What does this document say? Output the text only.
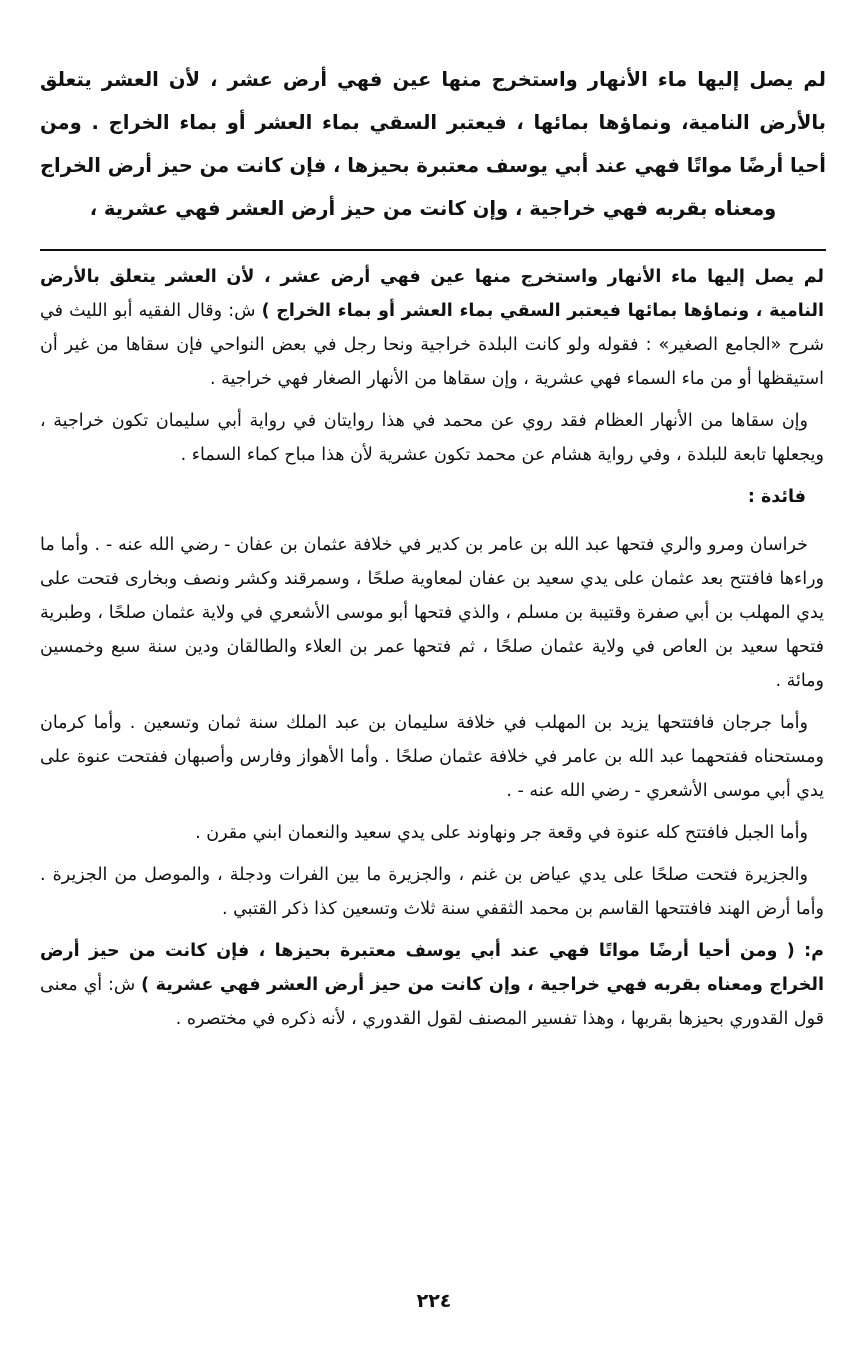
لم يصل إليها ماء الأنهار واستخرج منها عين فهي أرض عشر ، لأن العشر يتعلق بالأرض النامية، ونماؤها بمائها ، فيعتبر السقي بماء العشر أو بماء الخراج . ومن أحيا أرضًا مواتًا فهي عند أبي يوسف معتبرة بحيزها ، فإن كانت من حيز أرض الخراج ومعناه بقربه فهي خراجية ، وإن كانت من حيز أرض العشر فهي عشرية ،

لم يصل إليها ماء الأنهار واستخرج منها عين فهي أرض عشر ، لأن العشر يتعلق بالأرض النامية ، ونماؤها بمائها فيعتبر السقي بماء العشر أو بماء الخراج ) ش: وقال الفقيه أبو الليث في شرح «الجامع الصغير» : فقوله ولو كانت البلدة خراجية ونحا رجل في بعض النواحي فإن سقاها من غير أن استيقظها أو من ماء السماء فهي عشرية ، وإن سقاها من الأنهار الصغار فهي خراجية .

وإن سقاها من الأنهار العظام فقد روي عن محمد في هذا روايتان في رواية أبي سليمان تكون خراجية ، ويجعلها تابعة للبلدة ، وفي رواية هشام عن محمد تكون عشرية لأن هذا مباح كماء السماء .

فائدة :

خراسان ومرو والري فتحها عبد الله بن عامر بن كدير في خلافة عثمان بن عفان - رضي الله عنه - . وأما ما وراءها فافتتح بعد عثمان على يدي سعيد بن عفان لمعاوية صلحًا ، وسمرقند وكشر ونصف وبخارى فتحت على يدي المهلب بن أبي صفرة وقتيبة بن مسلم ، والذي فتحها أبو موسى الأشعري في ولاية عثمان صلحًا ، وطبرية فتحها سعيد بن العاص في ولاية عثمان صلحًا ، ثم فتحها عمر بن العلاء والطالقان ودين سنة سبع وخمسين ومائة .

وأما جرجان فافتتحها يزيد بن المهلب في خلافة سليمان بن عبد الملك سنة ثمان وتسعين . وأما كرمان ومستحناه ففتحهما عبد الله بن عامر في خلافة عثمان صلحًا . وأما الأهواز وفارس وأصبهان ففتحت عنوة على يدي أبي موسى الأشعري - رضي الله عنه - .

وأما الجبل فافتتح كله عنوة في وقعة جر ونهاوند على يدي سعيد والنعمان ابني مقرن .

والجزيرة فتحت صلحًا على يدي عياض بن غنم ، والجزيرة ما بين الفرات ودجلة ، والموصل من الجزيرة . وأما أرض الهند فافتتحها القاسم بن محمد الثقفي سنة ثلاث وتسعين كذا ذكر القتبي .

م: ( ومن أحيا أرضًا مواتًا فهي عند أبي يوسف معتبرة بحيزها ، فإن كانت من حيز أرض الخراج ومعناه بقربه فهي خراجية ، وإن كانت من حيز أرض العشر فهي عشرية ) ش: أي معنى قول القدوري بحيزها بقربها ، وهذا تفسير المصنف لقول القدوري ، لأنه ذكره في مختصره .

٢٢٤
